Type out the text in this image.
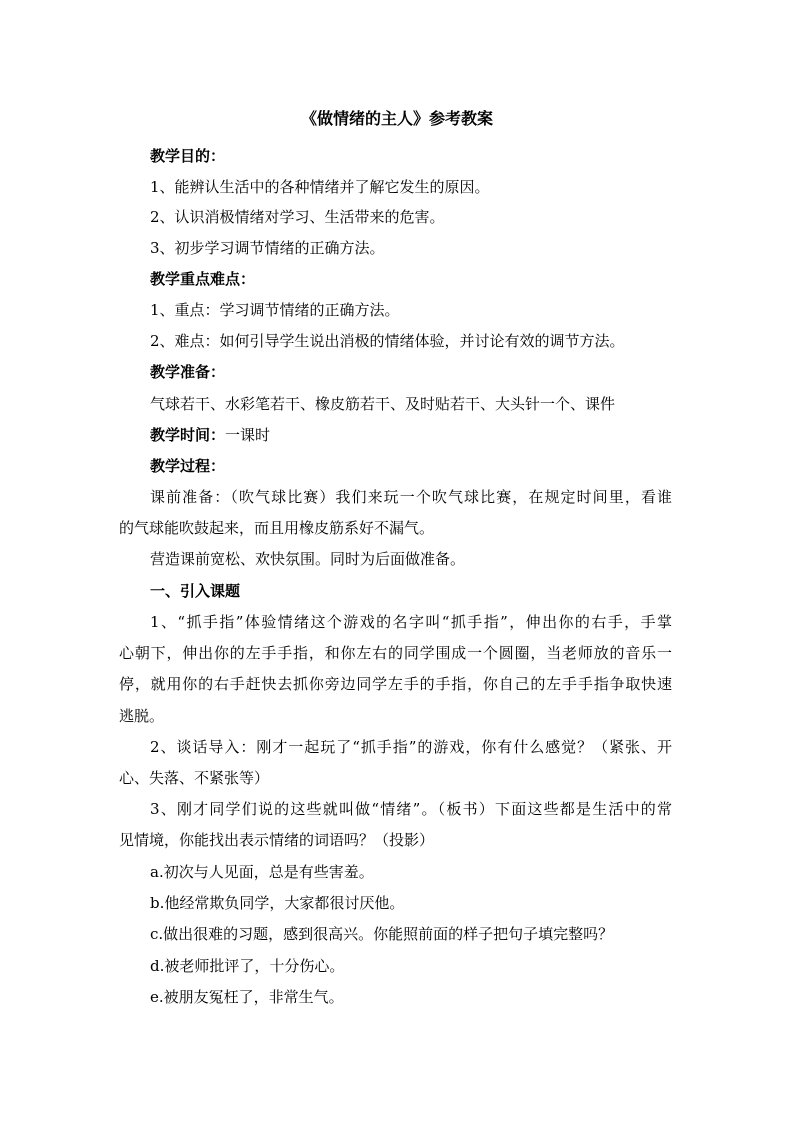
《做情绪的主人》参考教案
教学目的：
1、能辨认生活中的各种情绪并了解它发生的原因。
2、认识消极情绪对学习、生活带来的危害。
3、初步学习调节情绪的正确方法。
教学重点难点：
1、重点：学习调节情绪的正确方法。
2、难点：如何引导学生说出消极的情绪体验，并讨论有效的调节方法。
教学准备：
气球若干、水彩笔若干、橡皮筋若干、及时贴若干、大头针一个、课件
教学时间：一课时
教学过程：
课前准备：（吹气球比赛）我们来玩一个吹气球比赛，在规定时间里，看谁
的气球能吹鼓起来，而且用橡皮筋系好不漏气。
营造课前宽松、欢快氛围。同时为后面做准备。
一、引入课题
1、“抓手指”体验情绪这个游戏的名字叫“抓手指”，伸出你的右手，手掌
心朝下，伸出你的左手手指，和你左右的同学围成一个圆圈，当老师放的音乐一
停，就用你的右手赶快去抓你旁边同学左手的手指，你自己的左手手指争取快速
逃脱。
2、谈话导入：刚才一起玩了“抓手指”的游戏，你有什么感觉？（紧张、开
心、失落、不紧张等）
3、刚才同学们说的这些就叫做“情绪”。（板书）下面这些都是生活中的常
见情境，你能找出表示情绪的词语吗？（投影）
a.初次与人见面，总是有些害羞。
b.他经常欺负同学，大家都很讨厌他。
c.做出很难的习题，感到很高兴。你能照前面的样子把句子填完整吗？
d.被老师批评了，十分伤心。
e.被朋友冤枉了，非常生气。
